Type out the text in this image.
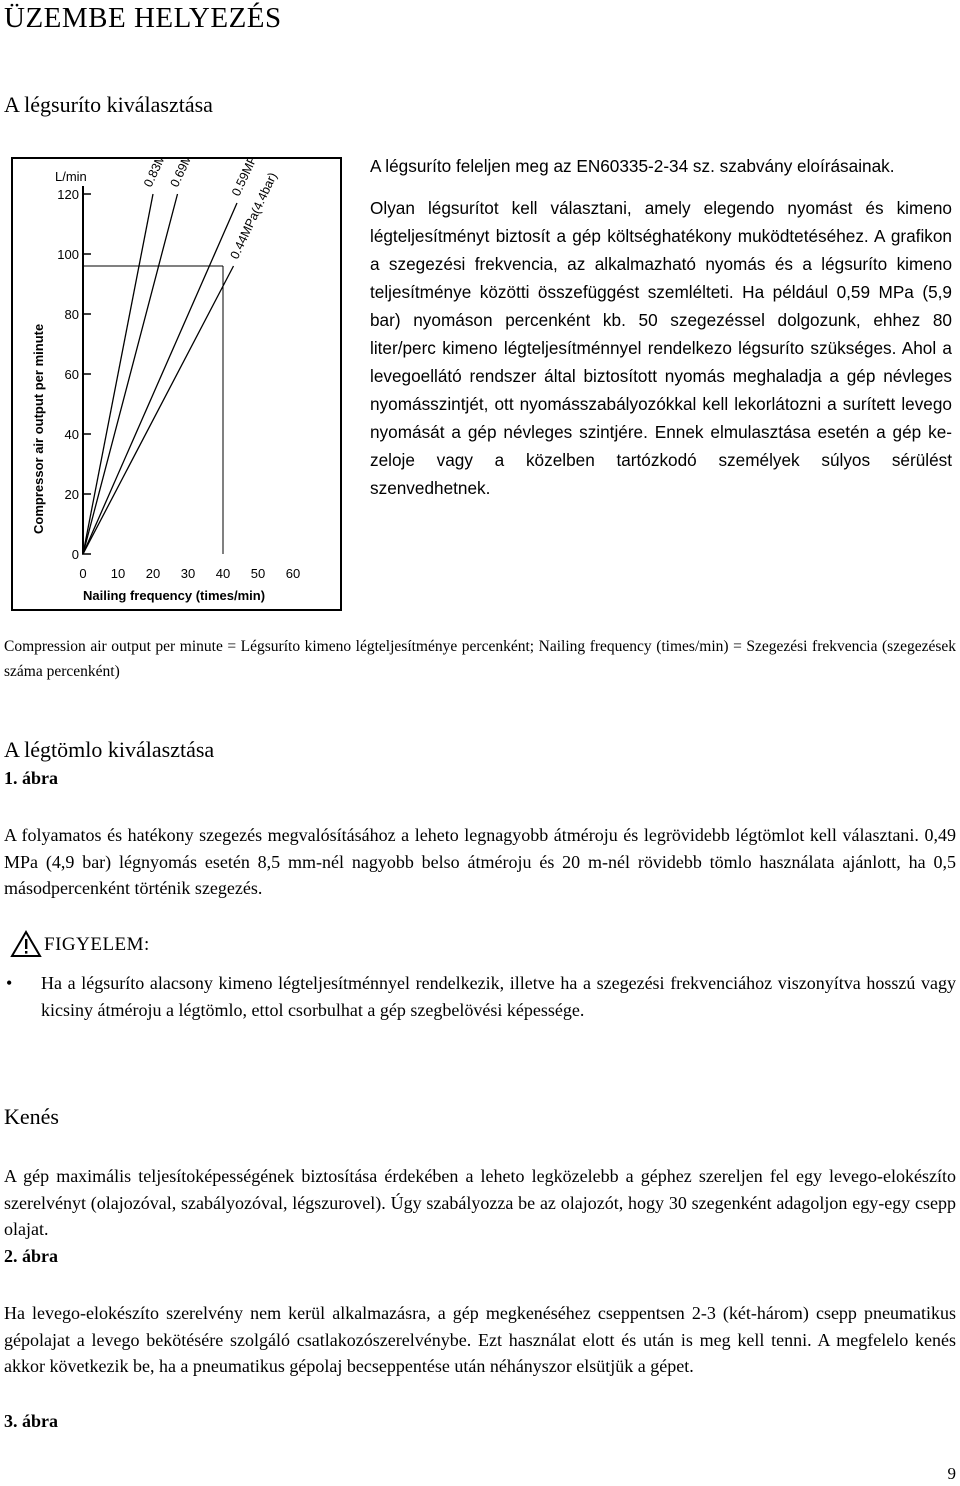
ÜZEMBE HELYEZÉS
A légsuríto kiválasztása
0
20
40
60
80
100
120
L/min
Compressor air output per minute
0 10 20 30 40 50 60
Nailing frequency (times/min)
0.44MPa(4.4bar)

A légsuríto feleljen meg az EN60335-2-34 sz. szabvány eloírásainak.

Olyan légsurítot kell választani, amely elegendo nyomást és kimeno légteljesítményt biztosít a gép költséghatékony muködtetéséhez. A grafikon a szegezési frekvencia, az alkalmazható nyomás és a légsuríto kimeno teljesítménye közötti összefüggést szemlélteti. Ha például 0,59 MPa (5,9 bar) nyomáson percenként kb. 50 szegezéssel dolgozunk, ehhez 80 liter/perc kimeno légteljesítménnyel rendelkezo légsuríto szükséges. Ahol a levegoellátó rendszer által biztosított nyomás meghaladja a gép névleges nyomásszintjét, ott nyomásszabályozókkal kell lekorlátozni a surített levego nyomását a gép névleges szintjére. Ennek elmulasztása esetén a gép kezeloje vagy a közelben tartózkodó személyek súlyos sérülést szenvedhetnek.

Compression air output per minute = Légsuríto kimeno légteljesítménye percenként; Nailing frequency (times/min) = Szegezési frekvencia (szegezések száma percenként)
A légtömlo kiválasztása
1. ábra
A folyamatos és hatékony szegezés megvalósításához a leheto legnagyobb átméroju és legrövidebb légtömlot kell választani. 0,49 MPa (4,9 bar) légnyomás esetén 8,5 mm-nél nagyobb belso átméroju és 20 m-nél rövidebb tömlo használata ajánlott, ha 0,5 másodpercenként történik szegezés.
FIGYELEM:
• Ha a légsuríto alacsony kimeno légteljesítménnyel rendelkezik, illetve ha a szegezési frekvenciához viszonyítva hosszú vagy kicsiny átméroju a légtömlo, ettol csorbulhat a gép szegbelövési képessége.
Kenés
A gép maximális teljesítoképességének biztosítása érdekében a leheto legközelebb a géphez szereljen fel egy levego-elokészíto szerelvényt (olajozóval, szabályozóval, légszurovel). Úgy szabályozza be az olajozót, hogy 30 szegenként adagoljon egy-egy csepp olajat.
2. ábra
Ha levego-elokészíto szerelvény nem kerül alkalmazásra, a gép megkenéséhez cseppentsen 2-3 (két-három) csepp pneumatikus gépolajat a levego bekötésére szolgáló csatlakozószerelvénybe. Ezt használat elott és után is meg kell tenni. A megfelelo kenés akkor következik be, ha a pneumatikus gépolaj becseppentése után néhányszor elsütjük a gépet.
3. ábra
9
